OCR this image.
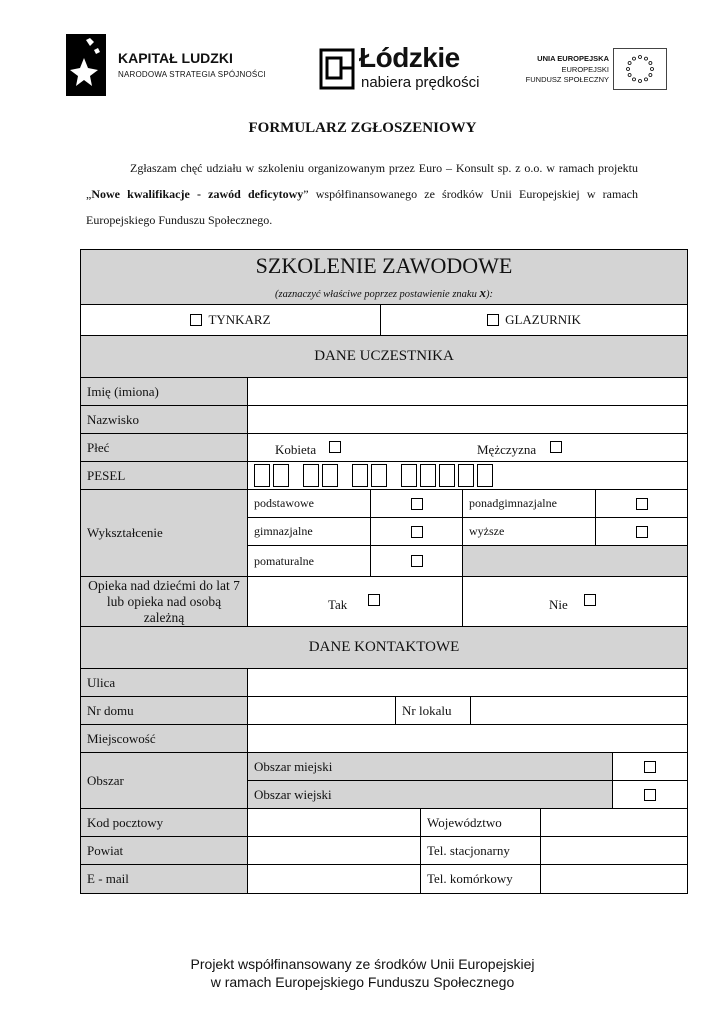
KAPITAŁ LUDZKI
NARODOWA STRATEGIA SPÓJNOŚCI
Łódzkie
nabiera prędkości
UNIA EUROPEJSKA
EUROPEJSKI
FUNDUSZ SPOŁECZNY
FORMULARZ ZGŁOSZENIOWY

Zgłaszam chęć udziału w szkoleniu organizowanym przez Euro – Konsult sp. z o.o. w ramach projektu „Nowe kwalifikacje - zawód deficytowy” współfinansowanego ze środków Unii Europejskiej w ramach Europejskiego Funduszu Społecznego.

SZKOLENIE ZAWODOWE
(zaznaczyć właściwe poprzez postawienie znaku x):
TYNKARZ	GLAZURNIK
DANE UCZESTNIKA
Imię (imiona)
Nazwisko
Płeć	Kobieta	Mężczyzna
PESEL
Wykształcenie
podstawowe	ponadgimnazjalne
gimnazjalne	wyższe
pomaturalne
Opieka nad dziećmi do lat 7 lub opieka nad osobą zależną
Tak	Nie
DANE KONTAKTOWE
Ulica
Nr domu	Nr lokalu
Miejscowość
Obszar
Obszar miejski
Obszar wiejski
Kod pocztowy	Województwo
Powiat	Tel. stacjonarny
E - mail	Tel. komórkowy
Projekt współfinansowany ze środków Unii Europejskiej
w ramach Europejskiego Funduszu Społecznego
